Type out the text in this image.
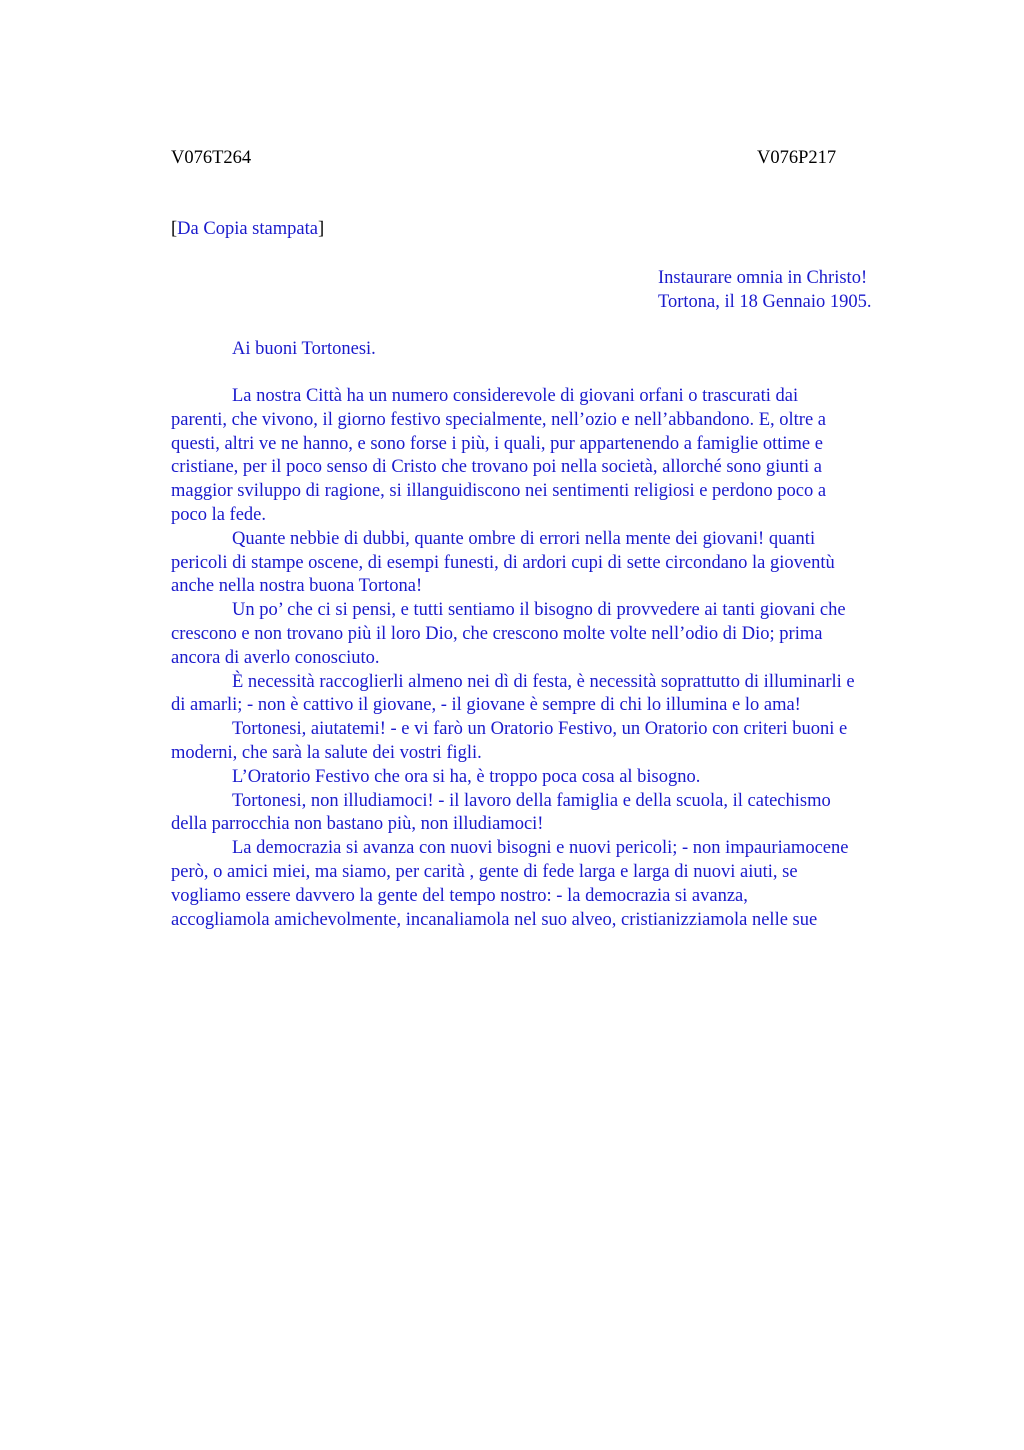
V076T264	V076P217
[Da Copia stampata]
Instaurare omnia in Christo!
Tortona, il 18 Gennaio 1905.
Ai buoni Tortonesi.
La nostra Città ha un numero considerevole di giovani orfani o trascurati dai
parenti, che vivono, il giorno festivo specialmente, nell’ozio e nell’abbandono. E, oltre a
questi, altri ve ne hanno, e sono forse i più, i quali, pur appartenendo a famiglie ottime e
cristiane, per il poco senso di Cristo che trovano poi nella società, allorché sono giunti a
maggior sviluppo di ragione, si illanguidiscono nei sentimenti religiosi e perdono poco a
poco la fede.
Quante nebbie di dubbi, quante ombre di errori nella mente dei giovani! quanti
pericoli di stampe oscene, di esempi funesti, di ardori cupi di sette circondano la gioventù
anche nella nostra buona Tortona!
Un po’ che ci si pensi, e tutti sentiamo il bisogno di provvedere ai tanti giovani che
crescono e non trovano più il loro Dio, che crescono molte volte nell’odio di Dio; prima
ancora di averlo conosciuto.
È necessità raccoglierli almeno nei dì di festa, è necessità soprattutto di illuminarli e
di amarli; - non è cattivo il giovane, - il giovane è sempre di chi lo illumina e lo ama!
Tortonesi, aiutatemi! - e vi farò un Oratorio Festivo, un Oratorio con criteri buoni e
moderni, che sarà la salute dei vostri figli.
L’Oratorio Festivo che ora si ha, è troppo poca cosa al bisogno.
Tortonesi, non illudiamoci! - il lavoro della famiglia e della scuola, il catechismo
della parrocchia non bastano più, non illudiamoci!
La democrazia si avanza con nuovi bisogni e nuovi pericoli; - non impauriamocene
però, o amici miei, ma siamo, per carità , gente di fede larga e larga di nuovi aiuti, se
vogliamo essere davvero la gente del tempo nostro: - la democrazia si avanza,
accogliamola amichevolmente, incanaliamola nel suo alveo, cristianizziamola nelle sue
